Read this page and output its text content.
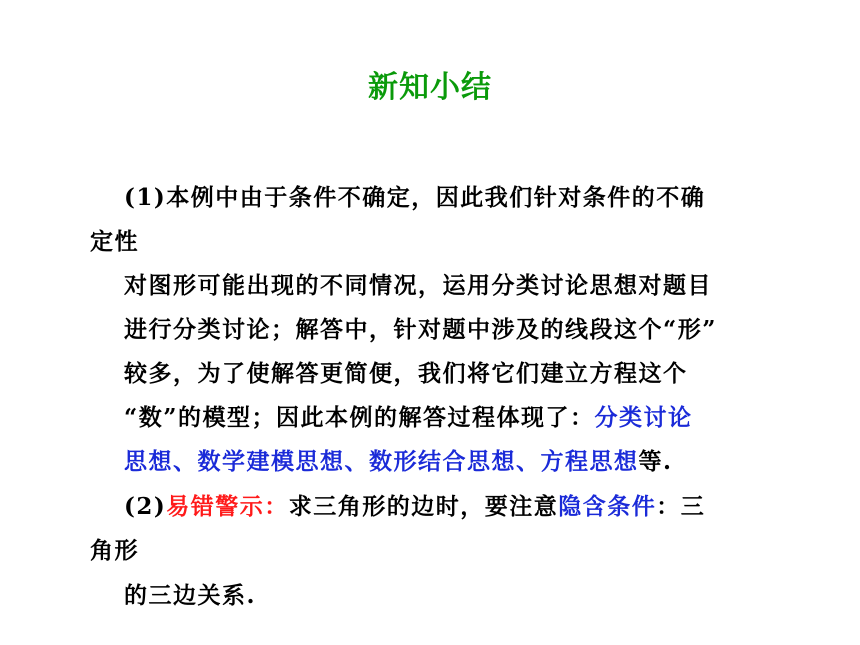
新知小结
(1)本例中由于条件不确定，因此我们针对条件的不确
定性
对图形可能出现的不同情况，运用分类讨论思想对题目
进行分类讨论；解答中，针对题中涉及的线段这个“形”
较多，为了使解答更简便，我们将它们建立方程这个
“数”的模型；因此本例的解答过程体现了：分类讨论
思想、数学建模思想、数形结合思想、方程思想等.
(2)易错警示：求三角形的边时，要注意隐含条件：三
角形
的三边关系.
